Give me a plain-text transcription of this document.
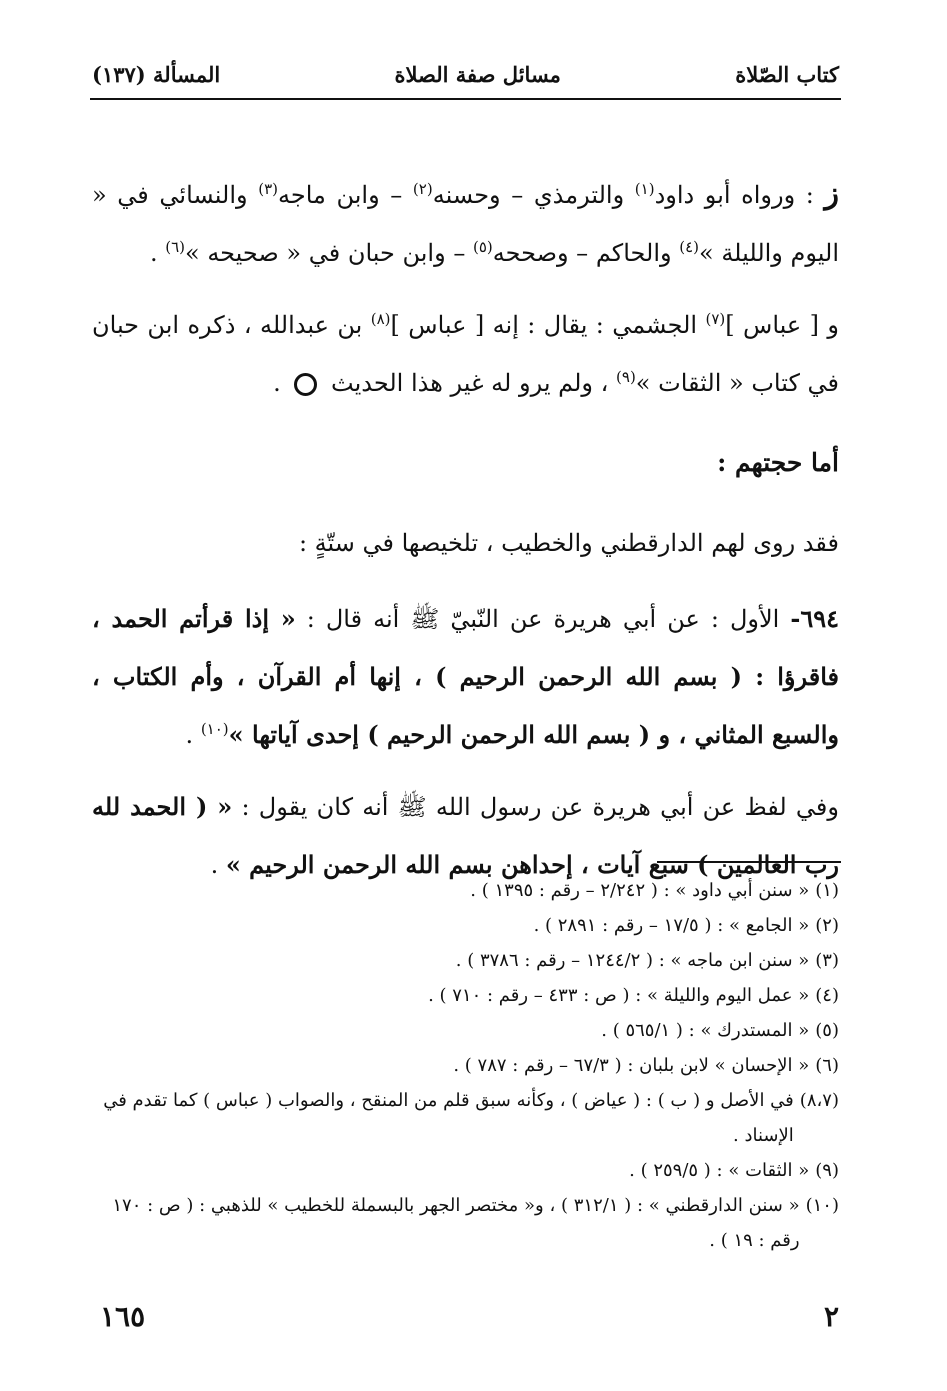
كتاب الصّلاة
مسائل صفة الصلاة
المسألة (١٣٧)

ز : ورواه أبو داود$^{(١)}$ والترمذي – وحسنه$^{(٢)}$ – وابن ماجه$^{(٣)}$ والنسائي في « اليوم والليلة »$^{(٤)}$ والحاكم – وصححه$^{(٥)}$ – وابن حبان في « صحيحه »$^{(٦)}$ .

و [ عباس ]$^{(٧)}$ الجشمي : يقال : إنه [ عباس ]$^{(٨)}$ بن عبدالله ، ذكره ابن حبان في كتاب « الثقات »$^{(٩)}$ ، ولم يرو له غير هذا الحديث  .

أما حجتهم :

فقد روى لهم الدارقطني والخطيب ، تلخيصها في ستّةٍ :

٦٩٤- الأول : عن أبي هريرة عن النّبيّ ﷺ أنه قال : « إذا قرأتم الحمد ، فاقرؤا : ( بسم الله الرحمن الرحيم ) ، إنها أم القرآن ، وأم الكتاب ، والسبع المثاني ، و ( بسم الله الرحمن الرحيم ) إحدى آياتها »$^{(١٠)}$ .

وفي لفظ عن أبي هريرة عن رسول الله ﷺ أنه كان يقول : « ( الحمد لله رب العالمين ) سبع آيات ، إحداهن بسم الله الرحمن الرحيم » .

(١)
« سنن أبي داود » : ( ٢/٢٤٢ – رقم : ١٣٩٥ ) .
(٢)
« الجامع » : ( ١٧/٥ – رقم : ٢٨٩١ ) .
(٣)
« سنن ابن ماجه » : ( ١٢٤٤/٢ – رقم : ٣٧٨٦ ) .
(٤)
« عمل اليوم والليلة » : ( ص : ٤٣٣ – رقم : ٧١٠ ) .
(٥)
« المستدرك » : ( ٥٦٥/١ ) .
(٦)
« الإحسان » لابن بلبان : ( ٦٧/٣ – رقم : ٧٨٧ ) .
(٨،٧)
في الأصل و ( ب ) : ( عياض ) ، وكأنه سبق قلم من المنقح ، والصواب ( عباس ) كما تقدم في الإسناد .
(٩)
« الثقات » : ( ٢٥٩/٥ ) .
(١٠)
« سنن الدارقطني » : ( ٣١٢/١ ) ، و« مختصر الجهر بالبسملة للخطيب » للذهبي : ( ص : ١٧٠ رقم : ١٩ ) .
٢
١٦٥
